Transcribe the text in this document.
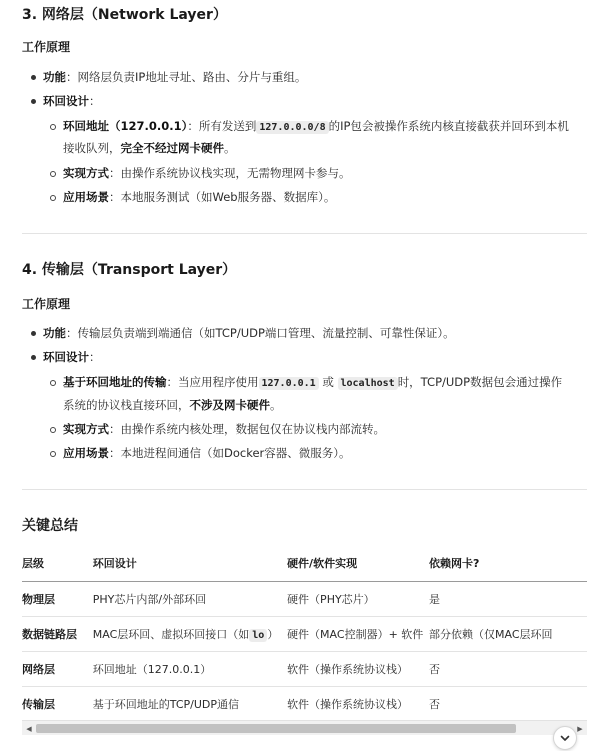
3. 网络层（Network Layer）
工作原理
功能：网络层负责IP地址寻址、路由、分片与重组。
环回设计：
环回地址（127.0.0.1）：所有发送到 127.0.0.0/8 的IP包会被操作系统内核直接截获并回环到本机
接收队列，完全不经过网卡硬件。
实现方式：由操作系统协议栈实现，无需物理网卡参与。
应用场景：本地服务测试（如Web服务器、数据库）。
4. 传输层（Transport Layer）
工作原理
功能：传输层负责端到端通信（如TCP/UDP端口管理、流量控制、可靠性保证）。
环回设计：
基于环回地址的传输：当应用程序使用 127.0.0.1 或 localhost 时，TCP/UDP数据包会通过操作
系统的协议栈直接环回，不涉及网卡硬件。
实现方式：由操作系统内核处理，数据包仅在协议栈内部流转。
应用场景：本地进程间通信（如Docker容器、微服务）。
关键总结
层级	环回设计	硬件/软件实现	依赖网卡?
物理层	PHY芯片内部/外部环回	硬件（PHY芯片）	是
数据链路层	MAC层环回、虚拟环回接口（如 lo ）	硬件（MAC控制器）+ 软件	部分依赖（仅MAC层环回
网络层	环回地址（127.0.0.1）	软件（操作系统协议栈）	否
传输层	基于环回地址的TCP/UDP通信	软件（操作系统协议栈）	否
◀	▶
